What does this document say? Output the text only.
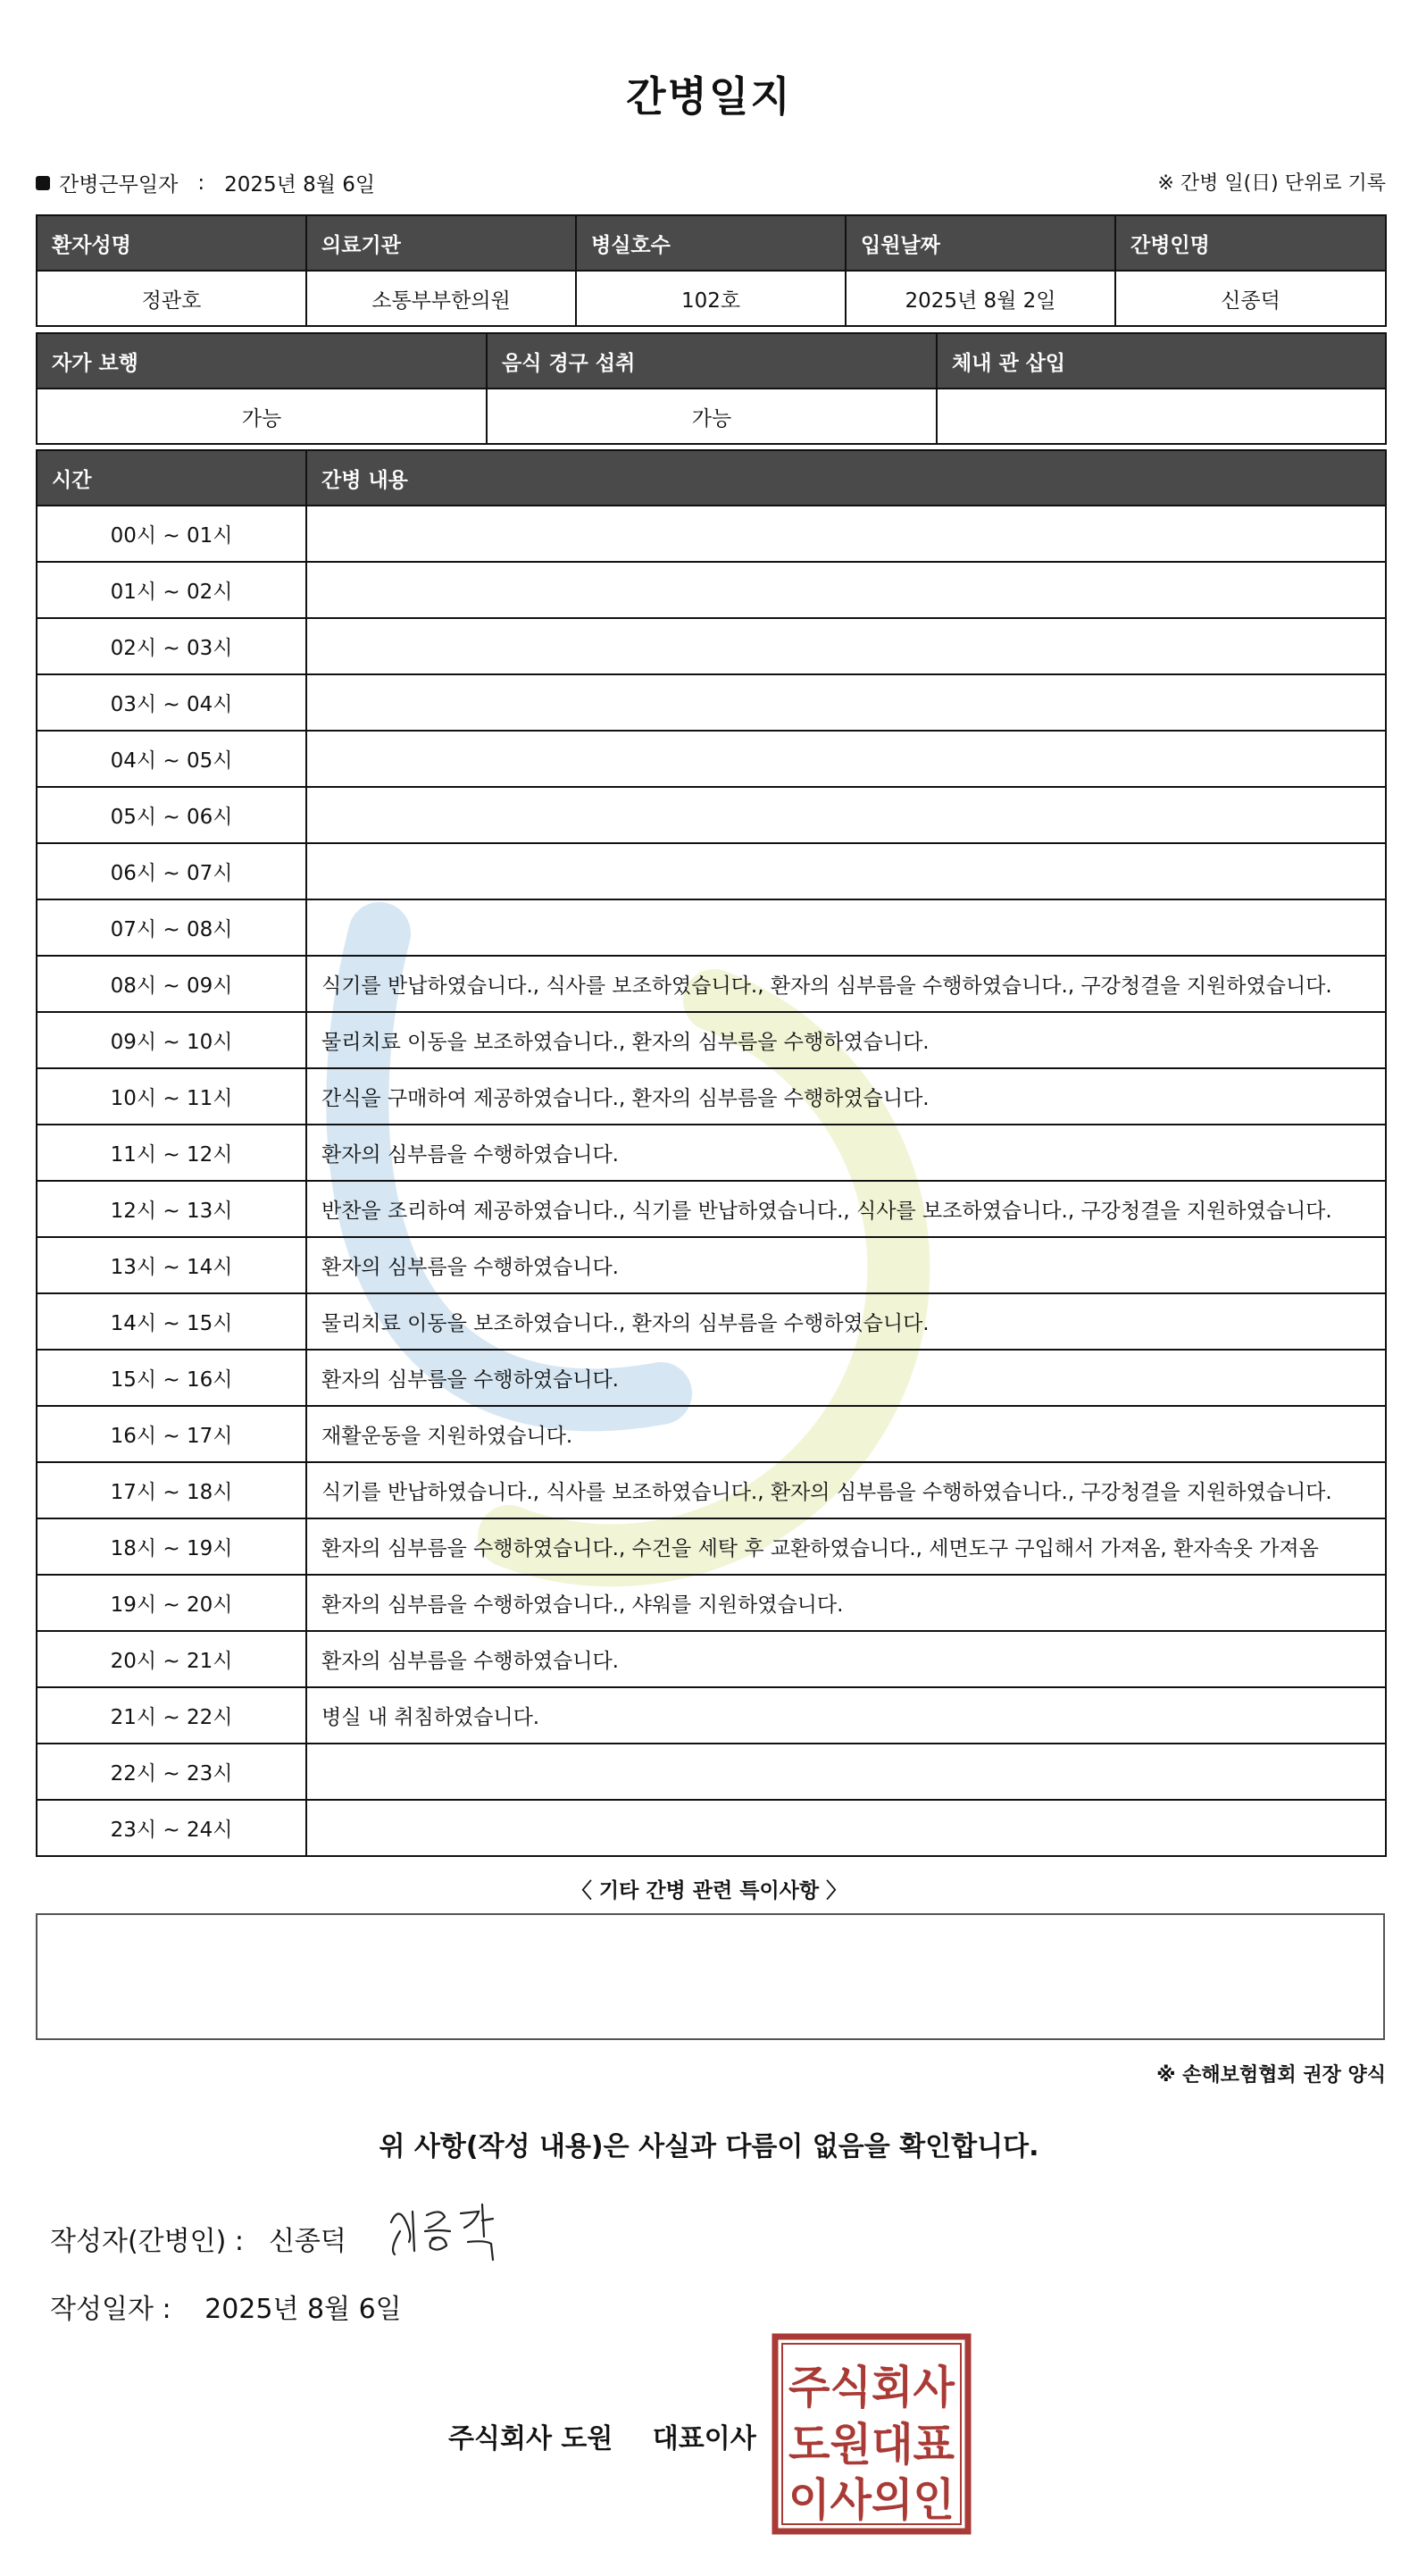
간병일지
간병근무일자 : 2025년 8월 6일	※ 간병 일(日) 단위로 기록
환자성명	의료기관	병실호수	입원날짜	간병인명
정관호	소통부부한의원	102호	2025년 8월 2일	신종덕
자가 보행	음식 경구 섭취	체내 관 삽입
가능	가능	
시간	간병 내용
00시 ~ 01시	
01시 ~ 02시	
02시 ~ 03시	
03시 ~ 04시	
04시 ~ 05시	
05시 ~ 06시	
06시 ~ 07시	
07시 ~ 08시	
08시 ~ 09시	식기를 반납하였습니다., 식사를 보조하였습니다., 환자의 심부름을 수행하였습니다., 구강청결을 지원하였습니다.
09시 ~ 10시	물리치료 이동을 보조하였습니다., 환자의 심부름을 수행하였습니다.
10시 ~ 11시	간식을 구매하여 제공하였습니다., 환자의 심부름을 수행하였습니다.
11시 ~ 12시	환자의 심부름을 수행하였습니다.
12시 ~ 13시	반찬을 조리하여 제공하였습니다., 식기를 반납하였습니다., 식사를 보조하였습니다., 구강청결을 지원하였습니다.
13시 ~ 14시	환자의 심부름을 수행하였습니다.
14시 ~ 15시	물리치료 이동을 보조하였습니다., 환자의 심부름을 수행하였습니다.
15시 ~ 16시	환자의 심부름을 수행하였습니다.
16시 ~ 17시	재활운동을 지원하였습니다.
17시 ~ 18시	식기를 반납하였습니다., 식사를 보조하였습니다., 환자의 심부름을 수행하였습니다., 구강청결을 지원하였습니다.
18시 ~ 19시	환자의 심부름을 수행하였습니다., 수건을 세탁 후 교환하였습니다., 세면도구 구입해서 가져옴, 환자속옷 가져옴
19시 ~ 20시	환자의 심부름을 수행하였습니다., 샤워를 지원하였습니다.
20시 ~ 21시	환자의 심부름을 수행하였습니다.
21시 ~ 22시	병실 내 취침하였습니다.
22시 ~ 23시	
23시 ~ 24시	
〈 기타 간병 관련 특이사항 〉
※ 손해보험협회 권장 양식
위 사항(작성 내용)은 사실과 다름이 없음을 확인합니다.
작성자(간병인) : 신종덕
작성일자 : 2025년 8월 6일
주식회사 도원 대표이사
주식회사
도원대표
이사의인
